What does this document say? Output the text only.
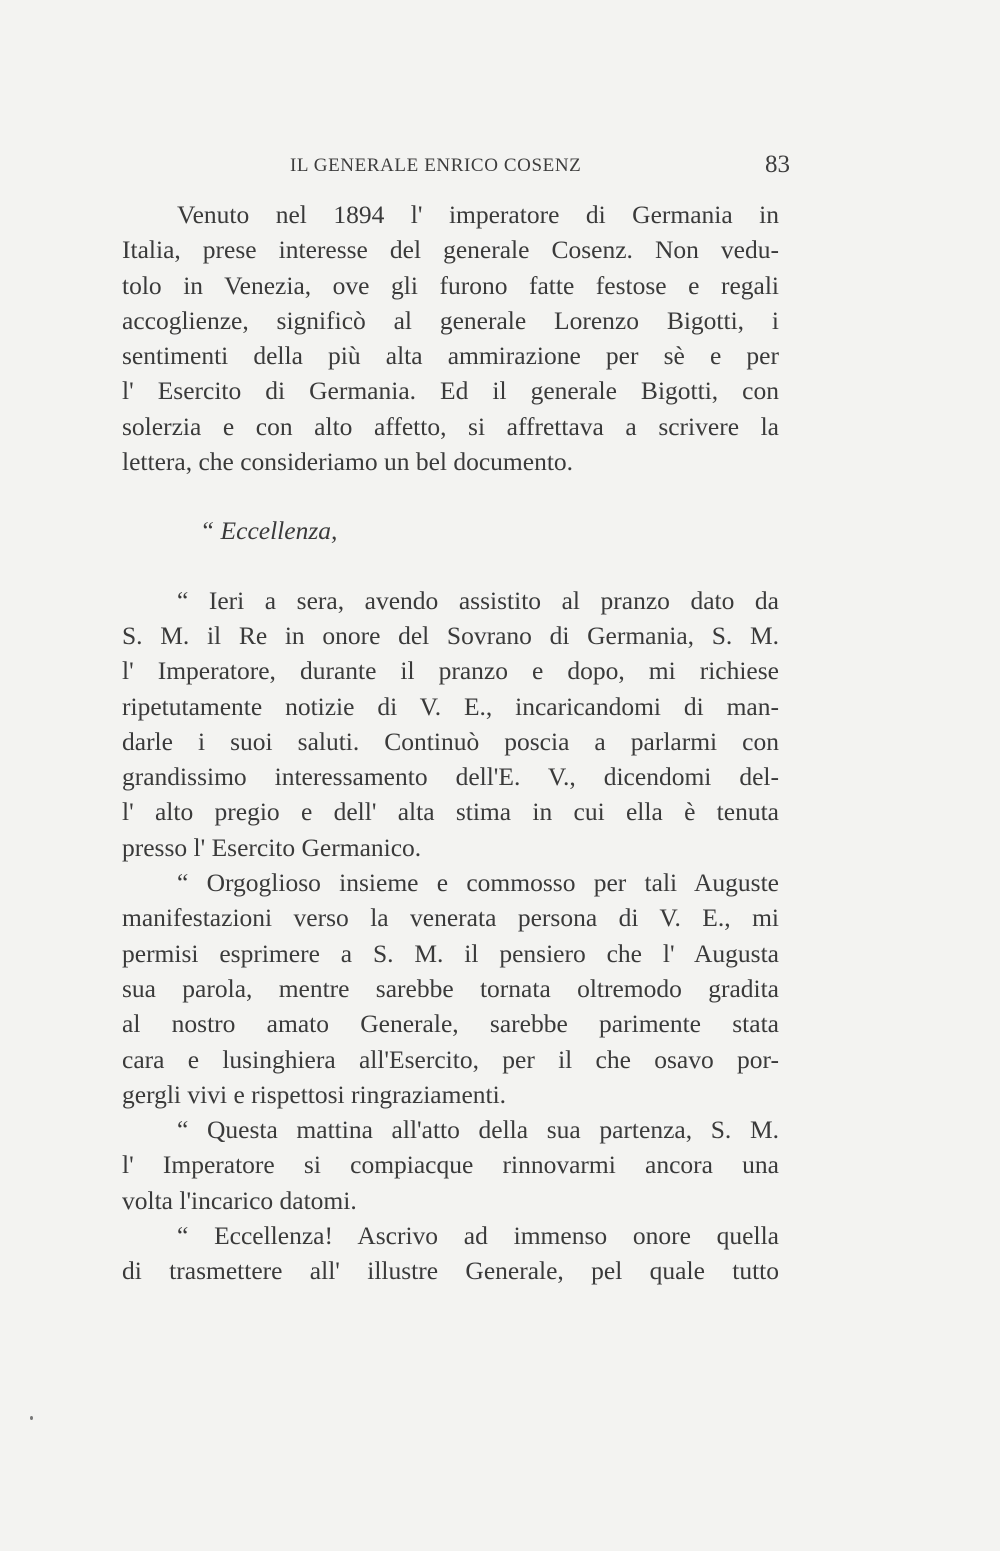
IL GENERALE ENRICO COSENZ	83
Venuto nel 1894 l' imperatore di Germania in
Italia, prese interesse del generale Cosenz. Non vedu-
tolo in Venezia, ove gli furono fatte festose e regali
accoglienze, significò al generale Lorenzo Bigotti, i
sentimenti della più alta ammirazione per sè e per
l' Esercito di Germania. Ed il generale Bigotti, con
solerzia e con alto affetto, si affrettava a scrivere la
lettera, che consideriamo un bel documento.
“ Eccellenza,
“ Ieri a sera, avendo assistito al pranzo dato da
S. M. il Re in onore del Sovrano di Germania, S. M.
l' Imperatore, durante il pranzo e dopo, mi richiese
ripetutamente notizie di V. E., incaricandomi di man-
darle i suoi saluti. Continuò poscia a parlarmi con
grandissimo interessamento dell'E. V., dicendomi del-
l' alto pregio e dell' alta stima in cui ella è tenuta
presso l' Esercito Germanico.
“ Orgoglioso insieme e commosso per tali Auguste
manifestazioni verso la venerata persona di V. E., mi
permisi esprimere a S. M. il pensiero che l' Augusta
sua parola, mentre sarebbe tornata oltremodo gradita
al nostro amato Generale, sarebbe parimente stata
cara e lusinghiera all'Esercito, per il che osavo por-
gergli vivi e rispettosi ringraziamenti.
“ Questa mattina all'atto della sua partenza, S. M.
l' Imperatore si compiacque rinnovarmi ancora una
volta l'incarico datomi.
“ Eccellenza! Ascrivo ad immenso onore quella
di trasmettere all' illustre Generale, pel quale tutto
